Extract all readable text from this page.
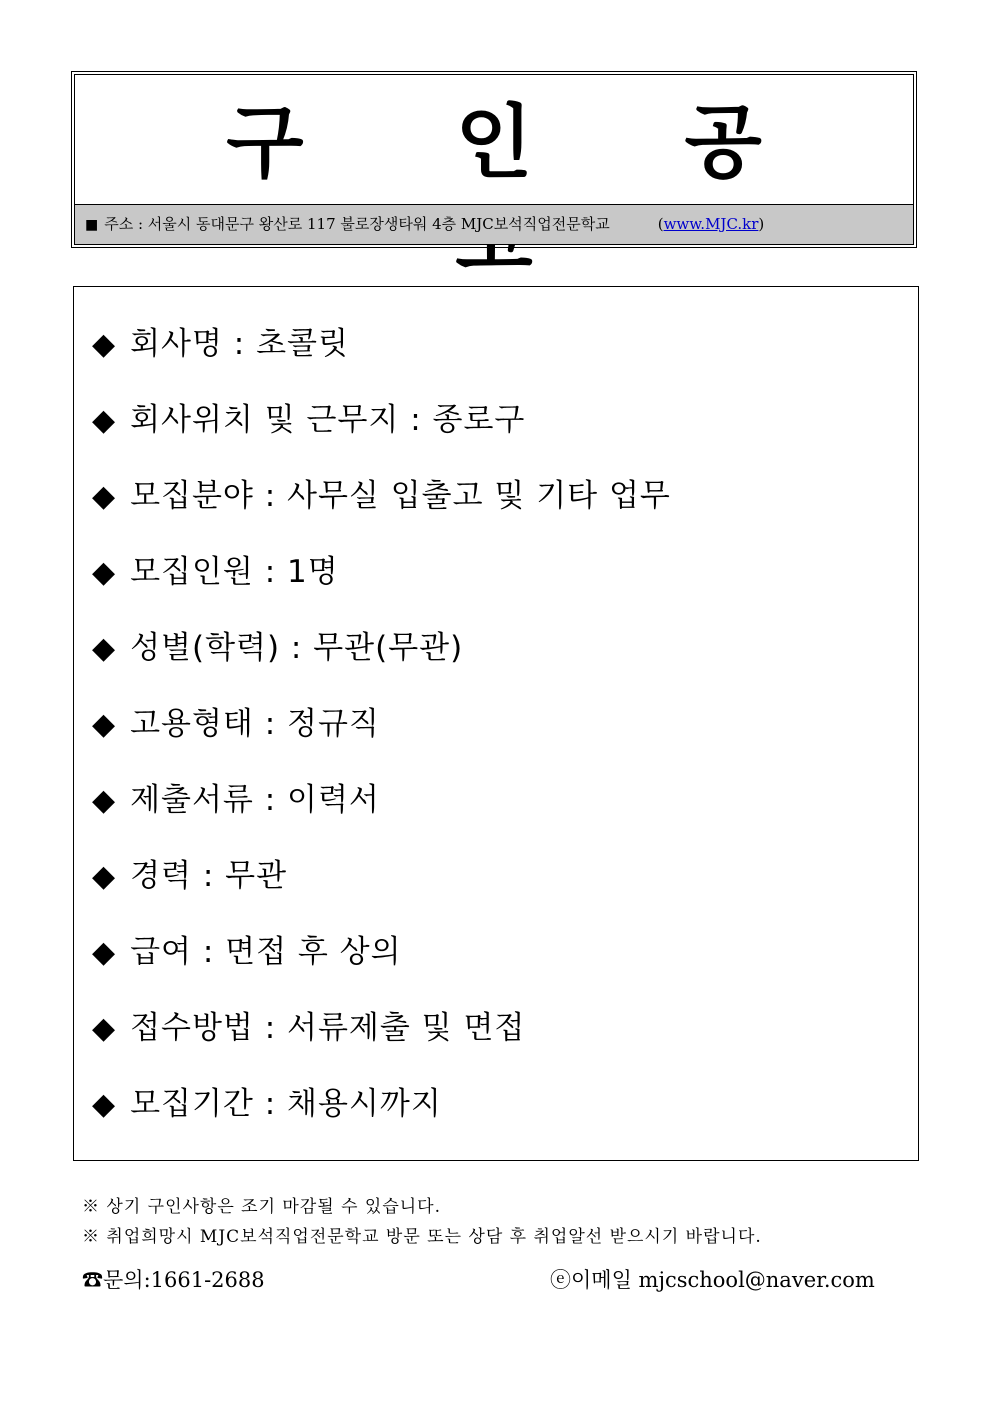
구 인 공
■ 주소 : 서울시 동대문구 왕산로 117 불로장생타워 4층 MJC보석직업전문학교	(www.MJC.kr)
◆ 회사명 : 초콜릿
◆ 회사위치 및 근무지 : 종로구
◆ 모집분야 : 사무실 입출고 및 기타 업무
◆ 모집인원 : 1명
◆ 성별(학력) : 무관(무관)
◆ 고용형태 : 정규직
◆ 제출서류 : 이력서
◆ 경력 : 무관
◆ 급여 : 면접 후 상의
◆ 접수방법 : 서류제출 및 면접
◆ 모집기간 : 채용시까지
※ 상기 구인사항은 조기 마감될 수 있습니다.
※ 취업희망시 MJC보석직업전문학교 방문 또는 상담 후 취업알선 받으시기 바랍니다.
☎문의:1661-2688	ⓔ이메일 mjcschool@naver.com
